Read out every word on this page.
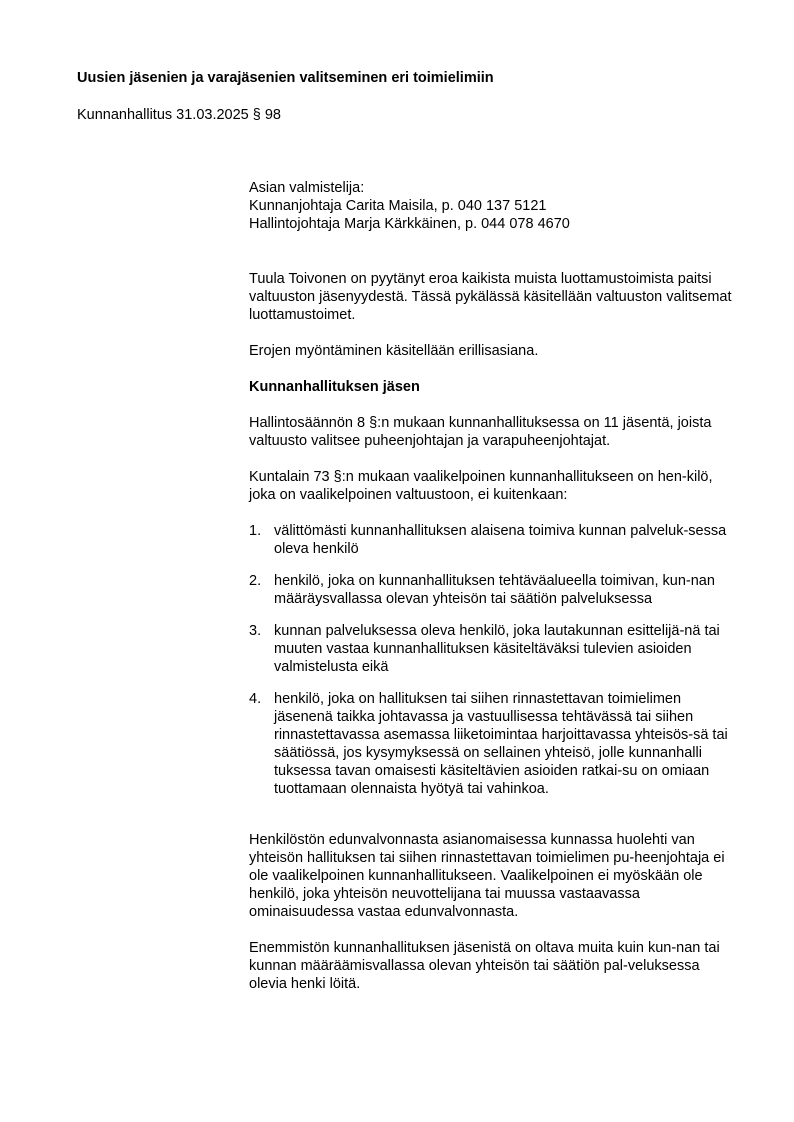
Uusien jäsenien ja varajäsenien valitseminen eri toimielimiin
Kunnanhallitus 31.03.2025 § 98
Asian valmistelija:
Kunnanjohtaja Carita Maisila, p. 040 137 5121
Hallintojohtaja Marja Kärkkäinen, p. 044 078 4670

Tuula Toivonen on pyytänyt eroa kaikista muista luottamustoimista paitsi valtuuston jäsenyydestä. Tässä pykälässä käsitellään valtuuston valitsemat luottamustoimet.

Erojen myöntäminen käsitellään erillisasiana.

Kunnanhallituksen jäsen

Hallintosäännön 8 §:n mukaan kunnanhallituksessa on 11 jäsentä, joista valtuusto valitsee puheenjohtajan ja varapuheenjohtajat.

Kuntalain 73 §:n mukaan vaalikelpoinen kunnanhallitukseen on hen-kilö, joka on vaalikelpoinen valtuustoon, ei kuitenkaan:

1. välittömästi kunnanhallituksen alaisena toimiva kunnan palveluk-sessa oleva henkilö
2. henkilö, joka on kunnanhallituksen tehtäväalueella toimivan, kun-nan määräysvallassa olevan yhteisön tai säätiön palveluksessa
3. kunnan palveluksessa oleva henkilö, joka lautakunnan esittelijä-nä tai muuten vastaa kunnanhallituksen käsiteltäväksi tulevien asioiden valmistelusta eikä
4. henkilö, joka on hallituksen tai siihen rinnastettavan toimielimen jäsenenä taikka johtavassa ja vastuullisessa tehtävässä tai siihen rinnastettavassa asemassa liiketoimintaa harjoittavassa yhteisös-sä tai säätiössä, jos kysymyksessä on sellainen yhteisö, jolle kunnanhalli tuksessa tavan omaisesti käsiteltävien asioiden ratkai-su on omiaan tuottamaan olennaista hyötyä tai vahinkoa.

Henkilöstön edunvalvonnasta asianomaisessa kunnassa huolehti van yhteisön hallituksen tai siihen rinnastettavan toimielimen pu-heenjohtaja ei ole vaalikelpoinen kunnanhallitukseen. Vaalikelpoinen ei myöskään ole henkilö, joka yhteisön neuvottelijana tai muussa vastaavassa ominaisuudessa vastaa edunvalvonnasta.

Enemmistön kunnanhallituksen jäsenistä on oltava muita kuin kun-nan tai kunnan määräämisvallassa olevan yhteisön tai säätiön pal-veluksessa olevia henki löitä.
